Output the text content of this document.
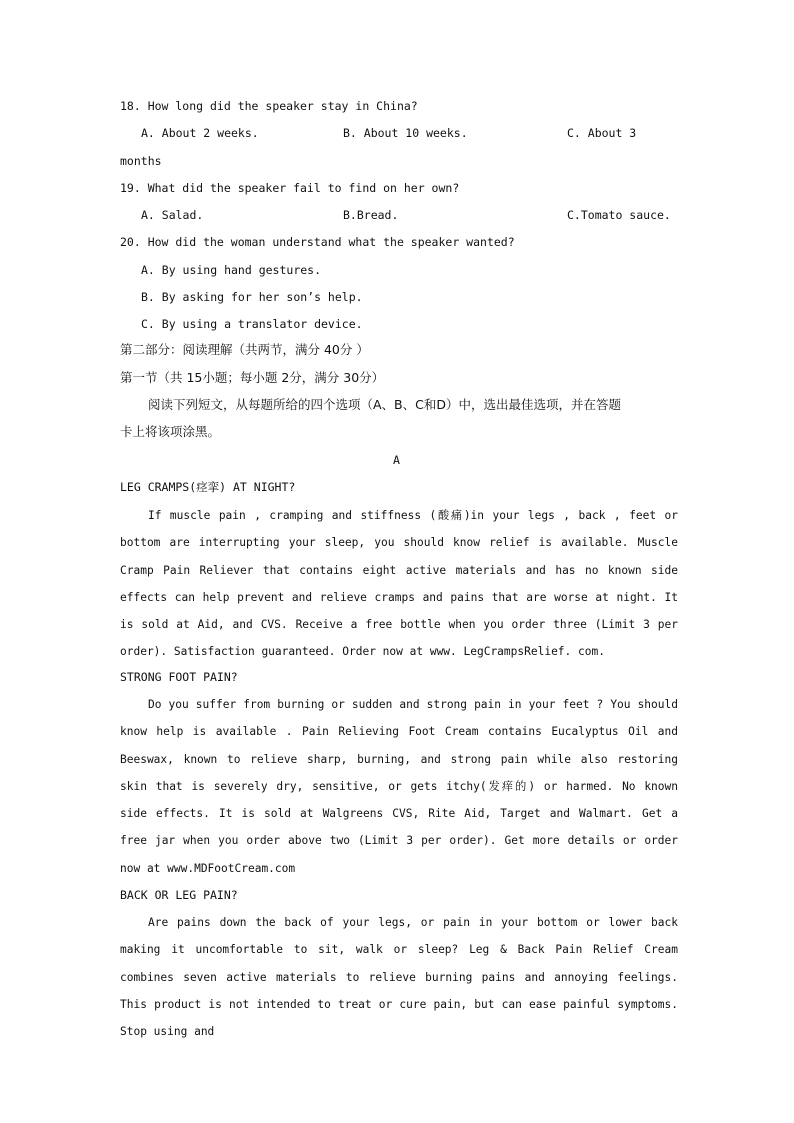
18. How long did the speaker stay in China?
A. About 2 weeks.	B. About 10 weeks.	C. About 3
months
19. What did the speaker fail to find on her own?
A. Salad.	B.Bread.	C.Tomato sauce.
20. How did the woman understand what the speaker wanted?
A. By using hand gestures.
B. By asking for her son’s help.
C. By using a translator device.
第二部分：阅读理解（共两节，满分 40分 ）
第一节（共 15小题；每小题 2分，满分 30分）
阅读下列短文，从每题所给的四个选项（A、B、C和D）中，选出最佳选项，并在答题
卡上将该项涂黑。
A
LEG CRAMPS(痉挛) AT NIGHT?
If muscle pain , cramping and stiffness (酸痛)in your legs , back , feet or bottom are interrupting your sleep, you should know relief is available. Muscle Cramp Pain Reliever that contains eight active materials and has no known side effects can help prevent and relieve cramps and pains that are worse at night. It is sold at Aid, and CVS. Receive a free bottle when you order three (Limit 3 per order). Satisfaction guaranteed. Order now at www. LegCrampsRelief. com.
STRONG FOOT PAIN?
Do you suffer from burning or sudden and strong pain in your feet ? You should know help is available . Pain Relieving Foot Cream contains Eucalyptus Oil and Beeswax, known to relieve sharp, burning, and strong pain while also restoring skin that is severely dry, sensitive, or gets itchy(发痒的) or harmed. No known side effects. It is sold at Walgreens CVS, Rite Aid, Target and Walmart. Get a free jar when you order above two (Limit 3 per order). Get more details or order now at www.MDFootCream.com
BACK OR LEG PAIN?
Are pains down the back of your legs, or pain in your bottom or lower back making it uncomfortable to sit, walk or sleep? Leg & Back Pain Relief Cream combines seven active materials to relieve burning pains and annoying feelings. This product is not intended to treat or cure pain, but can ease painful symptoms. Stop using and
